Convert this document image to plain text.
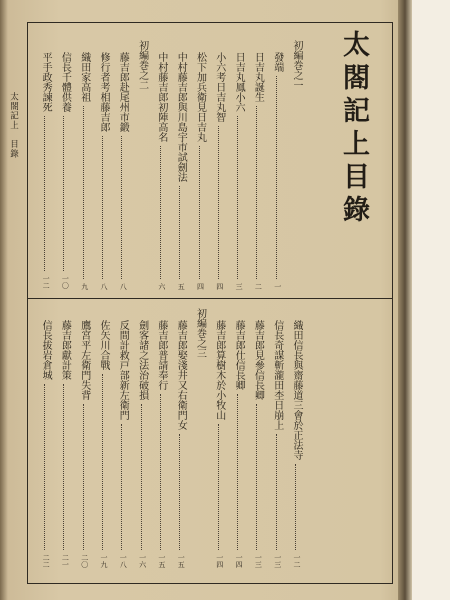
太閤記上　目錄	太閤記上目錄
初編巻之一
發端
一
日吉丸誕生
二
日吉丸鳳小六
三
小六考日吉丸智
四
松下加兵衛見日吉丸
四
中村藤吉郎與川島宇市試劍法
五
中村藤吉郎初陣高名
六
初編巻之二
藤吉郎赴尾州市鍛
八
修行者考相藤吉郎
八
織田家高祖
九
信長千體供養
一〇
平手政秀諫死
一二
織田信長與齋藤道三會於正法寺
一二
信長奇謀斬瀧田杢日崩上
一三
藤吉郎見參信長卿
一三
藤吉郎仕信長卿
一四
藤吉郎算樹木於小牧山
一四
初編巻之三
藤吉郎娶淺井又右衛門女
一五
藤吉郎普請奉行
一五
劍客諸之法治破損
一六
反間計救戸部新左衛門
一八
佐矢川合戰
一九
鷹宮平左衛門失背
二〇
藤吉郎獻計策
二一
信長拔岩倉城
二二
